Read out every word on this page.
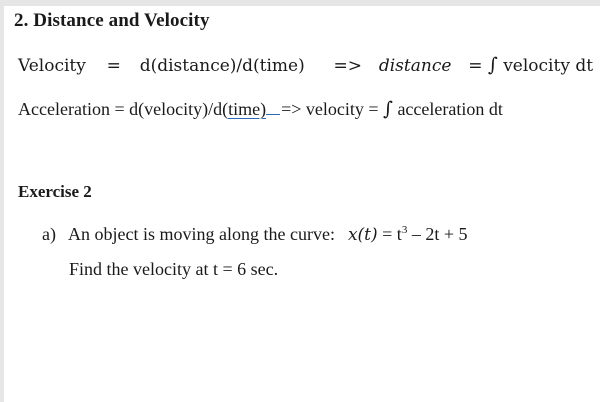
2. Distance and Velocity
Velocity = d(distance)/d(time) => distance = ∫ velocity dt
Acceleration = d(velocity)/d(time) => velocity = ∫ acceleration dt
Exercise 2
a) An object is moving along the curve: $x(t) = t^3 - 2t + 5$
Find the velocity at t = 6 sec.
